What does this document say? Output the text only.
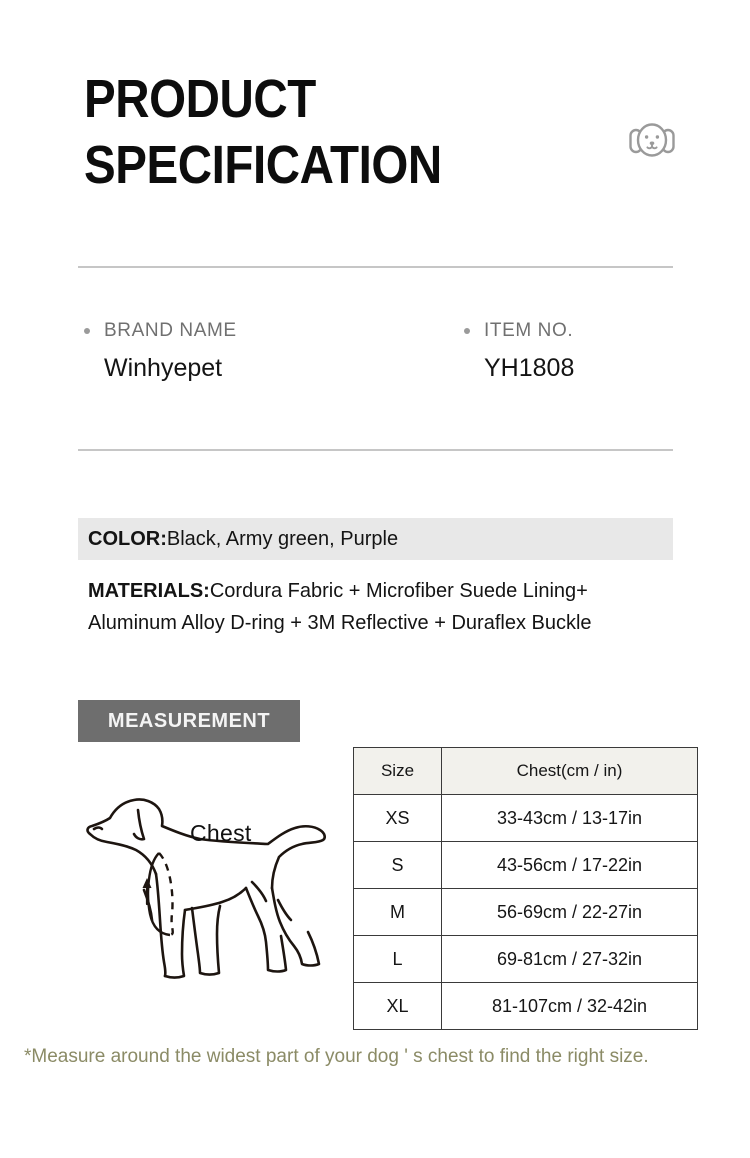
PRODUCT
SPECIFICATION
BRAND NAME
Winhyepet
ITEM NO.
YH1808
COLOR:Black, Army green, Purple
MATERIALS:Cordura Fabric + Microfiber Suede Lining+ Aluminum Alloy D-ring + 3M Reflective + Duraflex Buckle
MEASUREMENT
Chest
Size	Chest(cm / in)
XS	33-43cm / 13-17in
S	43-56cm / 17-22in
M	56-69cm / 22-27in
L	69-81cm / 27-32in
XL	81-107cm / 32-42in
*Measure around the widest part of your dog ' s chest to find the right size.
